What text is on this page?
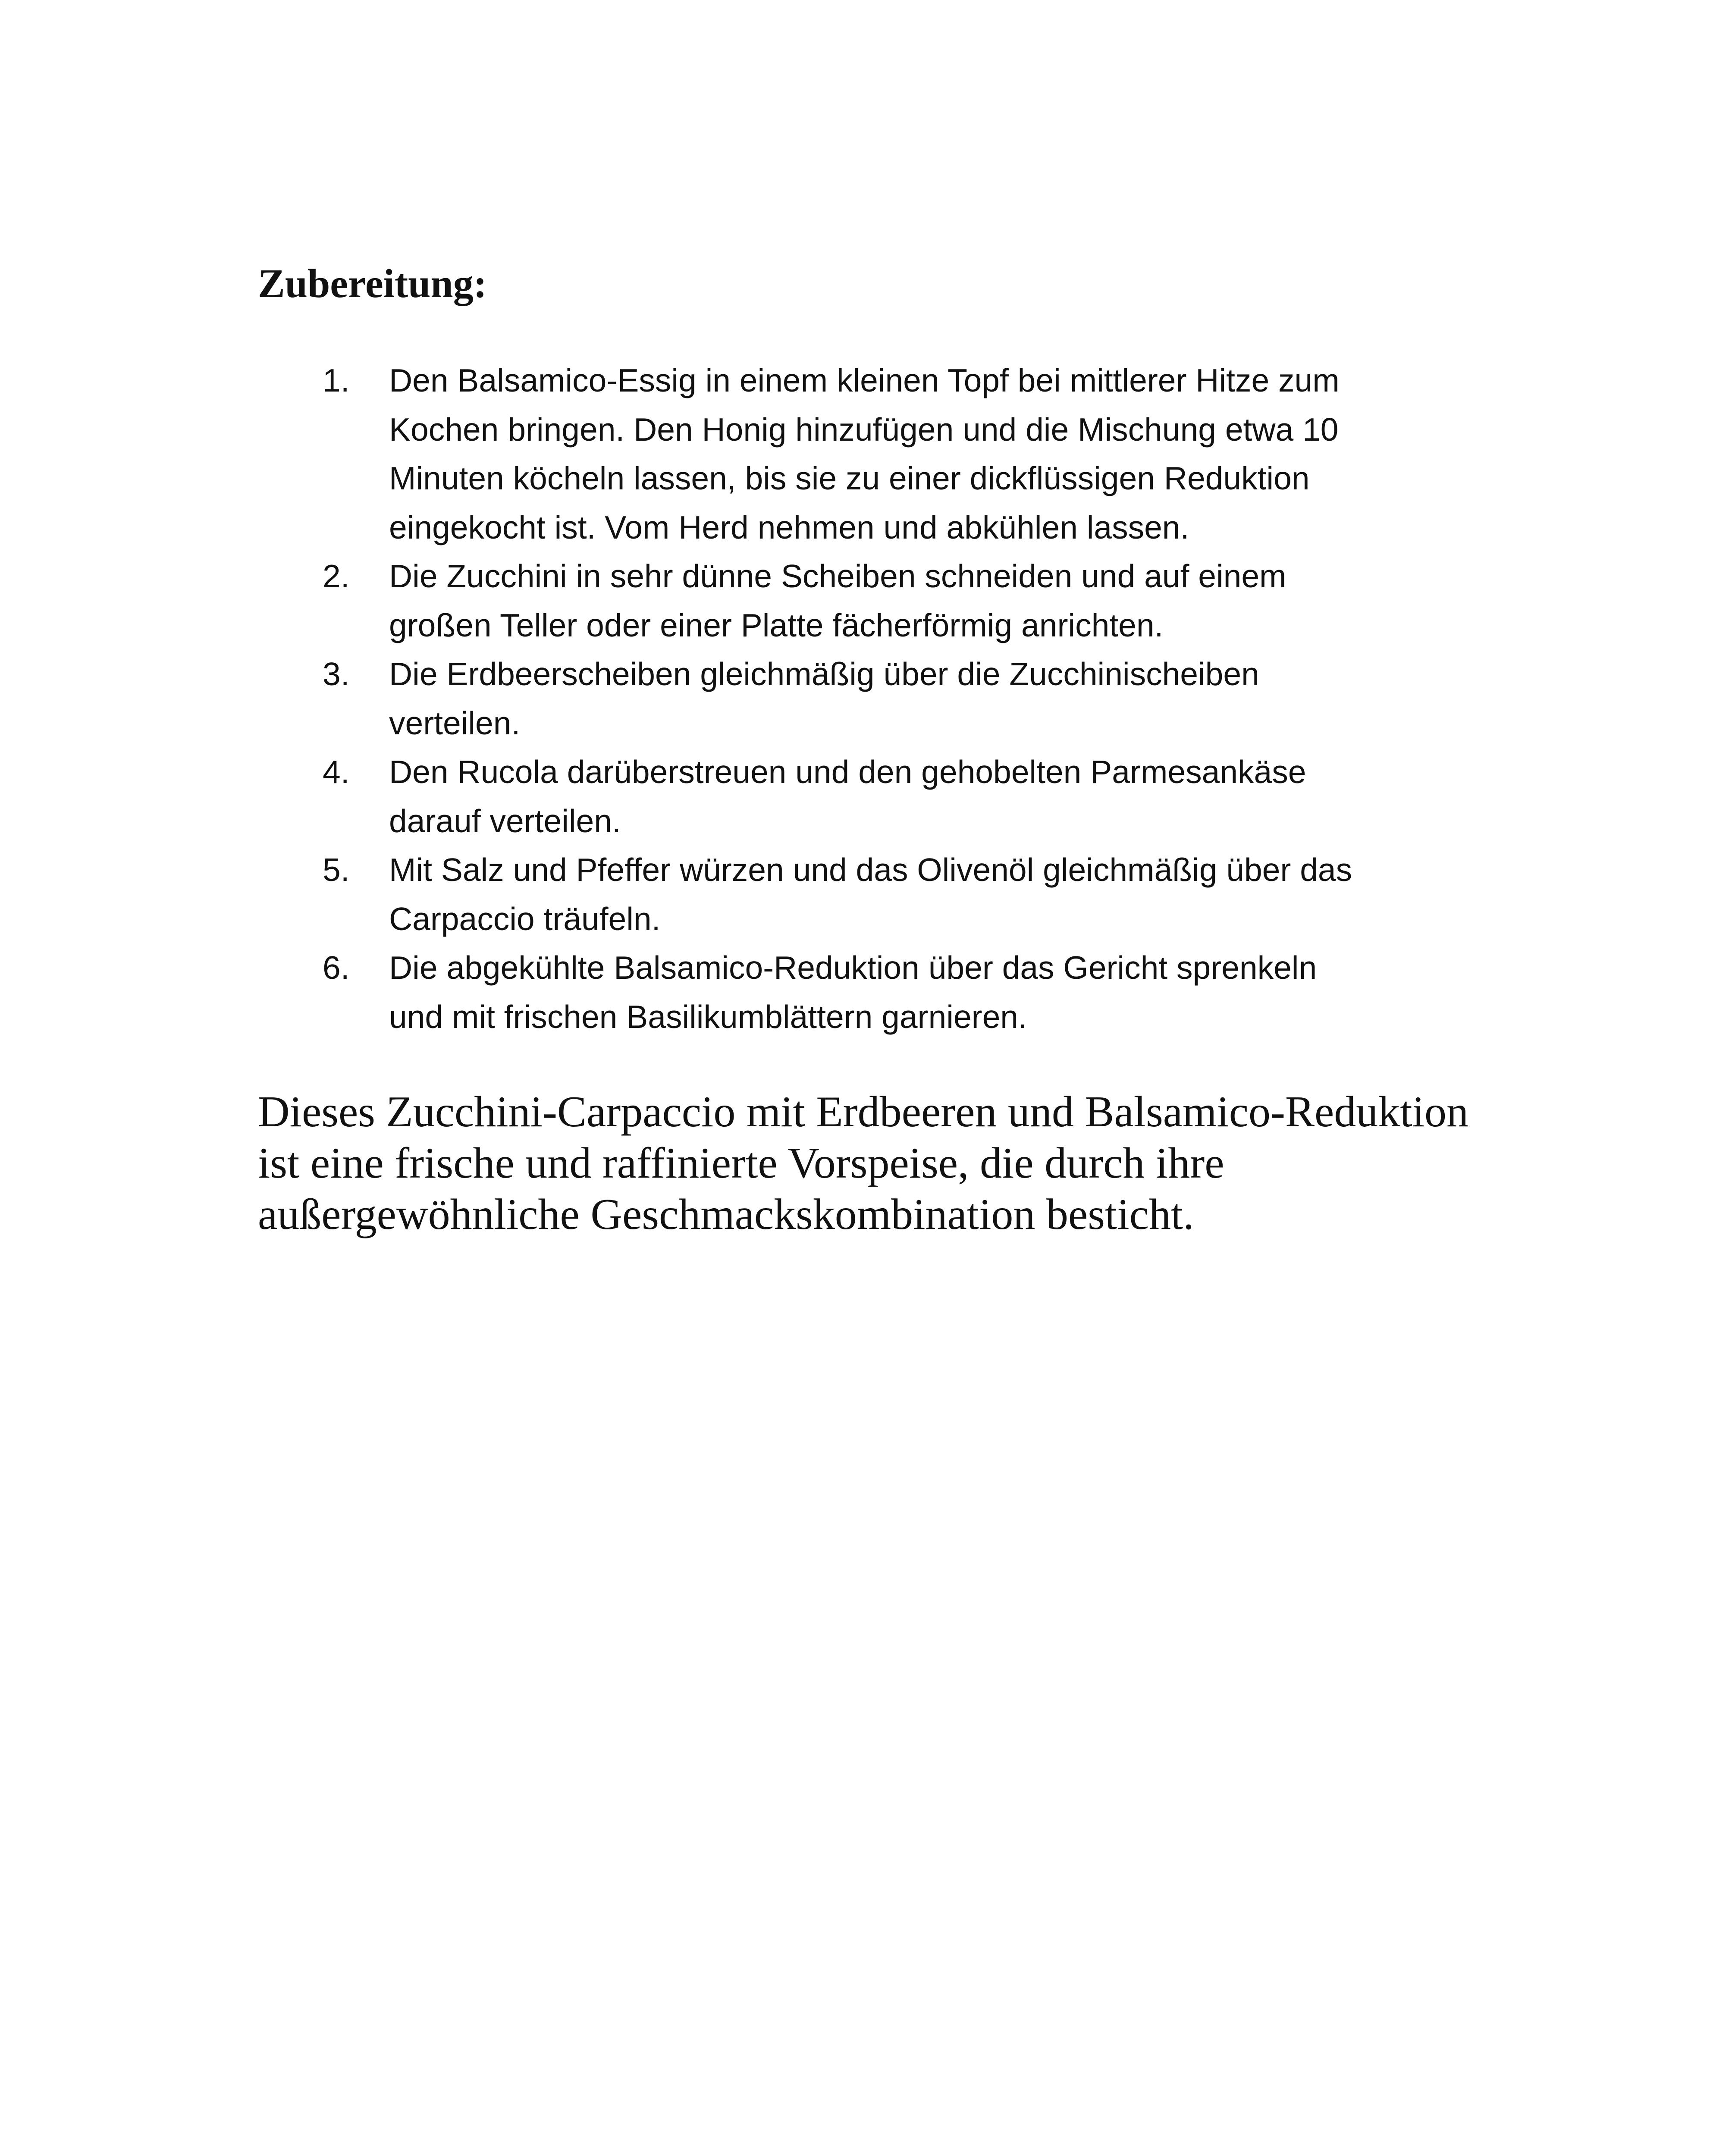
Zubereitung:
1. Den Balsamico-Essig in einem kleinen Topf bei mittlerer Hitze zum
Kochen bringen. Den Honig hinzufügen und die Mischung etwa 10
Minuten köcheln lassen, bis sie zu einer dickflüssigen Reduktion
eingekocht ist. Vom Herd nehmen und abkühlen lassen.
2. Die Zucchini in sehr dünne Scheiben schneiden und auf einem
großen Teller oder einer Platte fächerförmig anrichten.
3. Die Erdbeerscheiben gleichmäßig über die Zucchinischeiben
verteilen.
4. Den Rucola darüberstreuen und den gehobelten Parmesankäse
darauf verteilen.
5. Mit Salz und Pfeffer würzen und das Olivenöl gleichmäßig über das
Carpaccio träufeln.
6. Die abgekühlte Balsamico-Reduktion über das Gericht sprenkeln
und mit frischen Basilikumblättern garnieren.

Dieses Zucchini-Carpaccio mit Erdbeeren und Balsamico-Reduktion
ist eine frische und raffinierte Vorspeise, die durch ihre
außergewöhnliche Geschmackskombination besticht.
